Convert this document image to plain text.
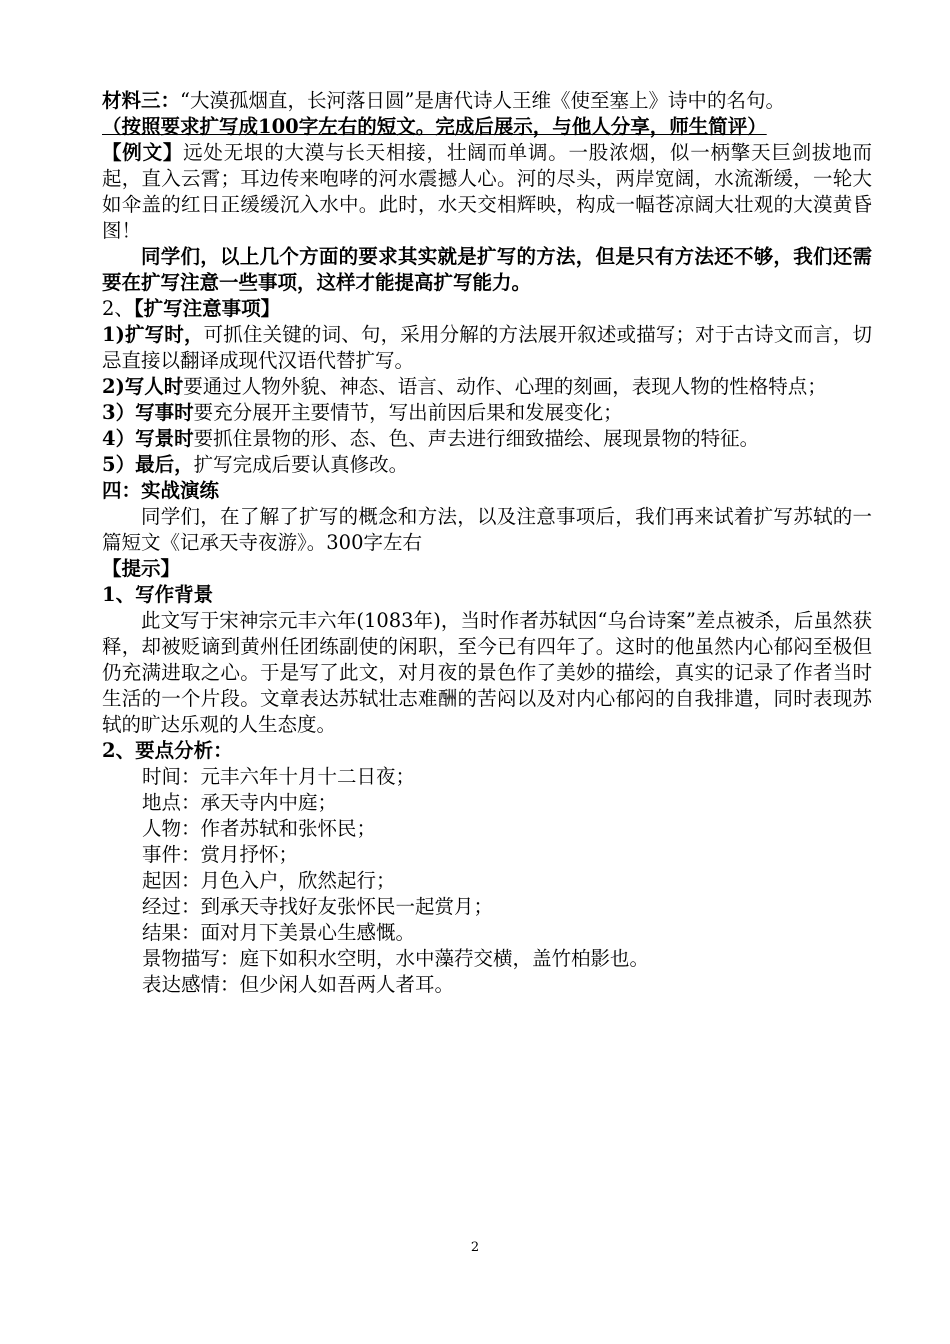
材料三：“大漠孤烟直，长河落日圆”是唐代诗人王维《使至塞上》诗中的名句。

（按照要求扩写成100字左右的短文。完成后展示，与他人分享，师生简评）

【例文】远处无垠的大漠与长天相接，壮阔而单调。一股浓烟，似一柄擎天巨剑拔地而起，直入云霄；耳边传来咆哮的河水震撼人心。河的尽头，两岸宽阔，水流渐缓，一轮大如伞盖的红日正缓缓沉入水中。此时，水天交相辉映，构成一幅苍凉阔大壮观的大漠黄昏图！

同学们，以上几个方面的要求其实就是扩写的方法，但是只有方法还不够，我们还需要在扩写注意一些事项，这样才能提高扩写能力。

2、【扩写注意事项】

1)扩写时，可抓住关键的词、句，采用分解的方法展开叙述或描写；对于古诗文而言，切忌直接以翻译成现代汉语代替扩写。

2)写人时要通过人物外貌、神态、语言、动作、心理的刻画，表现人物的性格特点；

3）写事时要充分展开主要情节，写出前因后果和发展变化；

4）写景时要抓住景物的形、态、色、声去进行细致描绘、展现景物的特征。

5）最后，扩写完成后要认真修改。

四：实战演练

同学们，在了解了扩写的概念和方法，以及注意事项后，我们再来试着扩写苏轼的一篇短文《记承天寺夜游》。300字左右

【提示】

1、写作背景

此文写于宋神宗元丰六年(1083年)，当时作者苏轼因“乌台诗案”差点被杀，后虽然获释，却被贬谪到黄州任团练副使的闲职，至今已有四年了。这时的他虽然内心郁闷至极但仍充满进取之心。于是写了此文，对月夜的景色作了美妙的描绘，真实的记录了作者当时生活的一个片段。文章表达苏轼壮志难酬的苦闷以及对内心郁闷的自我排遣，同时表现苏轼的旷达乐观的人生态度。

2、要点分析：

时间：元丰六年十月十二日夜；

地点：承天寺内中庭；

人物：作者苏轼和张怀民；

事件：赏月抒怀；

起因：月色入户，欣然起行；

经过：到承天寺找好友张怀民一起赏月；

结果：面对月下美景心生感慨。

景物描写：庭下如积水空明，水中藻荇交横，盖竹柏影也。

表达感情：但少闲人如吾两人者耳。

2
